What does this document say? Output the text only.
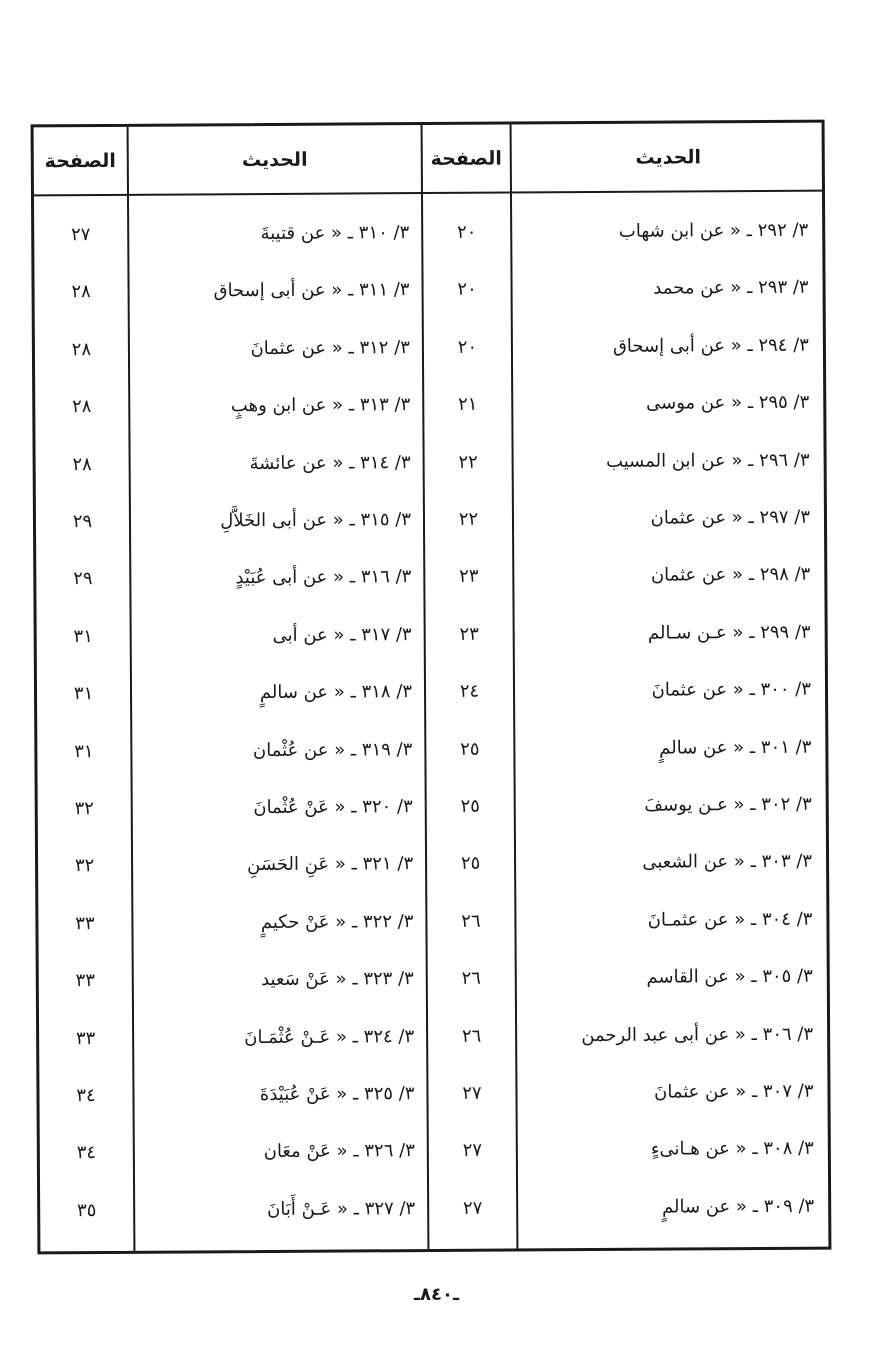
الصفحة	الحديث	الصفحة	الحديث
٢٧	٣/ ٣١٠ ـ « عن قتيبةَ	٢٠	٣/ ٢٩٢ ـ « عن ابن شهاب
٢٨	٣/ ٣١١ ـ « عن أبى إسحاق	٢٠	٣/ ٢٩٣ ـ « عن محمد
٢٨	٣/ ٣١٢ ـ « عن عثمانَ	٢٠	٣/ ٢٩٤ ـ « عن أبى إسحاق
٢٨	٣/ ٣١٣ ـ « عن ابن وهبٍ	٢١	٣/ ٢٩٥ ـ « عن موسى
٢٨	٣/ ٣١٤ ـ « عن عائشةَ	٢٢	٣/ ٢٩٦ ـ « عن ابن المسيب
٢٩	٣/ ٣١٥ ـ « عن أبى الخَلاَّلِ	٢٢	٣/ ٢٩٧ ـ « عن عثمان
٢٩	٣/ ٣١٦ ـ « عن أبى عُبَيْدٍ	٢٣	٣/ ٢٩٨ ـ « عن عثمان
٣١	٣/ ٣١٧ ـ « عن أبى	٢٣	٣/ ٢٩٩ ـ « عـن سـالم
٣١	٣/ ٣١٨ ـ « عن سالمٍ	٢٤	٣/ ٣٠٠ ـ « عن عثمانَ
٣١	٣/ ٣١٩ ـ « عن عُثْمان	٢٥	٣/ ٣٠١ ـ « عن سالمٍ
٣٢	٣/ ٣٢٠ ـ « عَنْ عُثْمانَ	٢٥	٣/ ٣٠٢ ـ « عـن يوسفَ
٣٢	٣/ ٣٢١ ـ « عَنِ الحَسَنِ	٢٥	٣/ ٣٠٣ ـ « عن الشعبى
٣٣	٣/ ٣٢٢ ـ « عَنْ حكيمٍ	٢٦	٣/ ٣٠٤ ـ « عن عثمـانَ
٣٣	٣/ ٣٢٣ ـ « عَنْ سَعيد	٢٦	٣/ ٣٠٥ ـ « عن القاسم
٣٣	٣/ ٣٢٤ ـ « عَـنْ عُثْمَـانَ	٢٦	٣/ ٣٠٦ ـ « عن أبى عبد الرحمن
٣٤	٣/ ٣٢٥ ـ « عَنْ عُبَيْدَةَ	٢٧	٣/ ٣٠٧ ـ « عن عثمانَ
٣٤	٣/ ٣٢٦ ـ « عَنْ معَان	٢٧	٣/ ٣٠٨ ـ « عن هـانىءٍ
٣٥	٣/ ٣٢٧ ـ « عَـنْ أَبَانَ	٢٧	٣/ ٣٠٩ ـ « عن سالمٍ
ـ٨٤٠ـ
